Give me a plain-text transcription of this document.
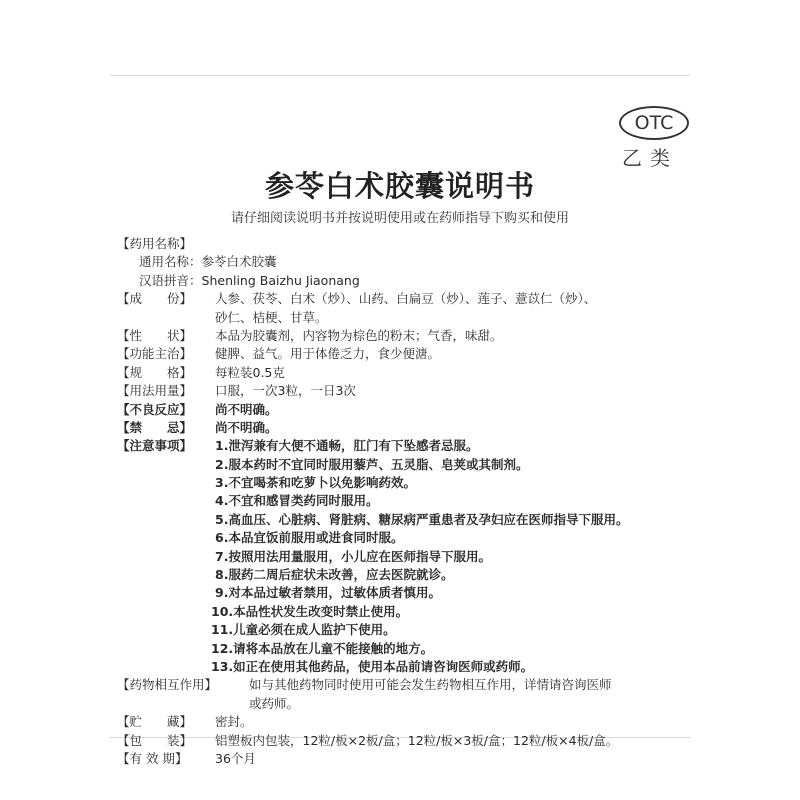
OTC
乙类
参苓白术胶囊说明书
请仔细阅读说明书并按说明使用或在药师指导下购买和使用
【药用名称】
通用名称： 参苓白术胶囊
汉语拼音： Shenling Baizhu Jiaonang
【成　　份】	人参、茯苓、白术（炒）、山药、白扁豆（炒）、莲子、薏苡仁（炒）、
砂仁、桔梗、甘草。
【性　　状】	本品为胶囊剂，内容物为棕色的粉末；气香，味甜。
【功能主治】	健脾、益气。用于体倦乏力，食少便溏。
【规　　格】	每粒装0.5克
【用法用量】	口服，一次3粒，一日3次
【不良反应】	尚不明确。
【禁　　忌】	尚不明确。
【注意事项】	1.泄泻兼有大便不通畅，肛门有下坠感者忌服。
2.服本药时不宜同时服用藜芦、五灵脂、皂荚或其制剂。
3.不宜喝茶和吃萝卜以免影响药效。
4.不宜和感冒类药同时服用。
5.高血压、心脏病、肾脏病、糖尿病严重患者及孕妇应在医师指导下服用。
6.本品宜饭前服用或进食同时服。
7.按照用法用量服用，小儿应在医师指导下服用。
8.服药二周后症状未改善，应去医院就诊。
9.对本品过敏者禁用，过敏体质者慎用。
10.本品性状发生改变时禁止使用。
11.儿童必须在成人监护下使用。
12.请将本品放在儿童不能接触的地方。
13.如正在使用其他药品，使用本品前请咨询医师或药师。
【药物相互作用】	如与其他药物同时使用可能会发生药物相互作用，详情请咨询医师
或药师。
【贮　　藏】	密封。
【包　　装】	铝塑板内包装，12粒/板×2板/盒；12粒/板×3板/盒；12粒/板×4板/盒。
【有 效 期】	36个月
